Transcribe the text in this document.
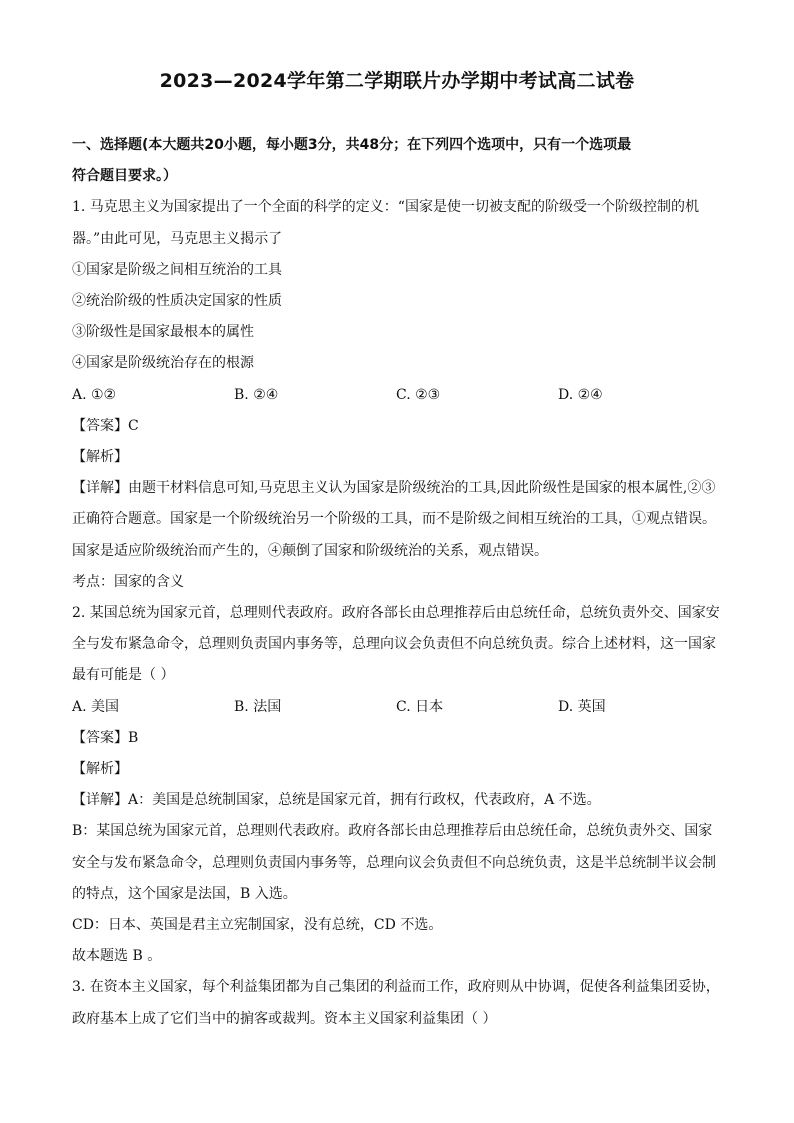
2023—2024学年第二学期联片办学期中考试高二试卷
一、选择题(本大题共20小题，每小题3分，共48分；在下列四个选项中，只有一个选项最
符合题目要求。）
1. 马克思主义为国家提出了一个全面的科学的定义：“国家是使一切被支配的阶级受一个阶级控制的机
器。”由此可见，马克思主义揭示了
①国家是阶级之间相互统治的工具
②统治阶级的性质决定国家的性质
③阶级性是国家最根本的属性
④国家是阶级统治存在的根源
A. ①②	B. ②④	C. ②③	D. ②④
【答案】C
【解析】
【详解】由题干材料信息可知,马克思主义认为国家是阶级统治的工具,因此阶级性是国家的根本属性,②③
正确符合题意。国家是一个阶级统治另一个阶级的工具，而不是阶级之间相互统治的工具，①观点错误。
国家是适应阶级统治而产生的，④颠倒了国家和阶级统治的关系，观点错误。
考点：国家的含义
2. 某国总统为国家元首，总理则代表政府。政府各部长由总理推荐后由总统任命，总统负责外交、国家安
全与发布紧急命令，总理则负责国内事务等，总理向议会负责但不向总统负责。综合上述材料，这一国家
最有可能是（ ）
A. 美国	B. 法国	C. 日本	D. 英国
【答案】B
【解析】
【详解】A：美国是总统制国家，总统是国家元首，拥有行政权，代表政府，A 不选。
B：某国总统为国家元首，总理则代表政府。政府各部长由总理推荐后由总统任命，总统负责外交、国家
安全与发布紧急命令，总理则负责国内事务等，总理向议会负责但不向总统负责，这是半总统制半议会制
的特点，这个国家是法国，B 入选。
CD：日本、英国是君主立宪制国家，没有总统，CD 不选。
故本题选 B 。
3. 在资本主义国家，每个利益集团都为自己集团的利益而工作，政府则从中协调，促使各利益集团妥协，
政府基本上成了它们当中的掮客或裁判。资本主义国家利益集团（ ）
